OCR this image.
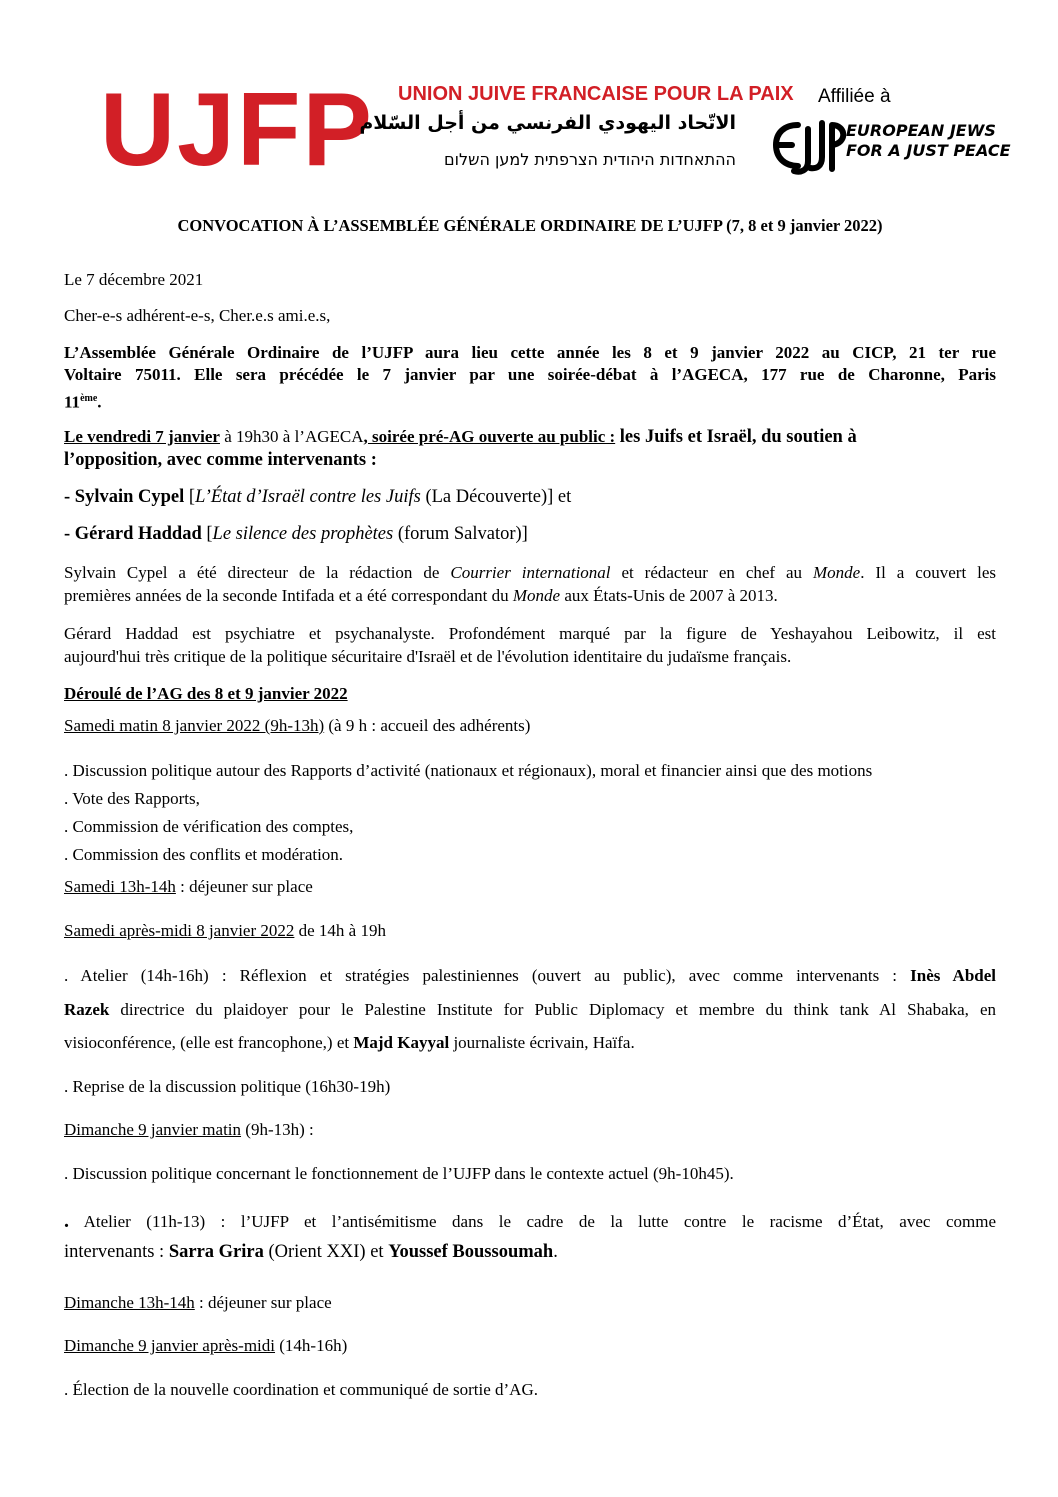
UJFP UNION JUIVE FRANCAISE POUR LA PAIX
الاتّحاد اليهودي الفرنسي من أجل السّلام
ההתאחדות היהודית הצרפתית למען השלום
Affiliée à
EUROPEAN JEWS
FOR A JUST PEACE
CONVOCATION À L’ASSEMBLÉE GÉNÉRALE ORDINAIRE DE L’UJFP (7, 8 et 9 janvier 2022)
Le 7 décembre 2021
Cher-e-s adhérent-e-s, Cher.e.s ami.e.s,
L’Assemblée Générale Ordinaire de l’UJFP aura lieu cette année les 8 et 9 janvier 2022 au CICP, 21 ter rue
Voltaire 75011. Elle sera précédée le 7 janvier par une soirée-débat à l’AGECA, 177 rue de Charonne, Paris
11ème.
Le vendredi 7 janvier à 19h30 à l’AGECA, soirée pré-AG ouverte au public : les Juifs et Israël, du soutien à
l’opposition, avec comme intervenants :
- Sylvain Cypel [L’État d’Israël contre les Juifs (La Découverte)] et
- Gérard Haddad [Le silence des prophètes (forum Salvator)]
Sylvain Cypel a été directeur de la rédaction de Courrier international et rédacteur en chef au Monde. Il a couvert les
premières années de la seconde Intifada et a été correspondant du Monde aux États-Unis de 2007 à 2013.
Gérard Haddad est psychiatre et psychanalyste. Profondément marqué par la figure de Yeshayahou Leibowitz, il est
aujourd'hui très critique de la politique sécuritaire d'Israël et de l'évolution identitaire du judaïsme français.
Déroulé de l’AG des 8 et 9 janvier 2022
Samedi matin 8 janvier 2022 (9h-13h) (à 9 h : accueil des adhérents)
. Discussion politique autour des Rapports d’activité (nationaux et régionaux), moral et financier ainsi que des motions
. Vote des Rapports,
. Commission de vérification des comptes,
. Commission des conflits et modération.
Samedi 13h-14h : déjeuner sur place
Samedi après-midi 8 janvier 2022 de 14h à 19h
. Atelier (14h-16h) : Réflexion et stratégies palestiniennes (ouvert au public), avec comme intervenants : Inès Abdel
Razek directrice du plaidoyer pour le Palestine Institute for Public Diplomacy et membre du think tank Al Shabaka, en
visioconférence, (elle est francophone,) et Majd Kayyal journaliste écrivain, Haïfa.
. Reprise de la discussion politique (16h30-19h)
Dimanche 9 janvier matin (9h-13h) :
. Discussion politique concernant le fonctionnement de l’UJFP dans le contexte actuel (9h-10h45).
. Atelier (11h-13) : l’UJFP et l’antisémitisme dans le cadre de la lutte contre le racisme d’État, avec comme
intervenants : Sarra Grira (Orient XXI) et Youssef Boussoumah.
Dimanche 13h-14h : déjeuner sur place
Dimanche 9 janvier après-midi (14h-16h)
. Élection de la nouvelle coordination et communiqué de sortie d’AG.
